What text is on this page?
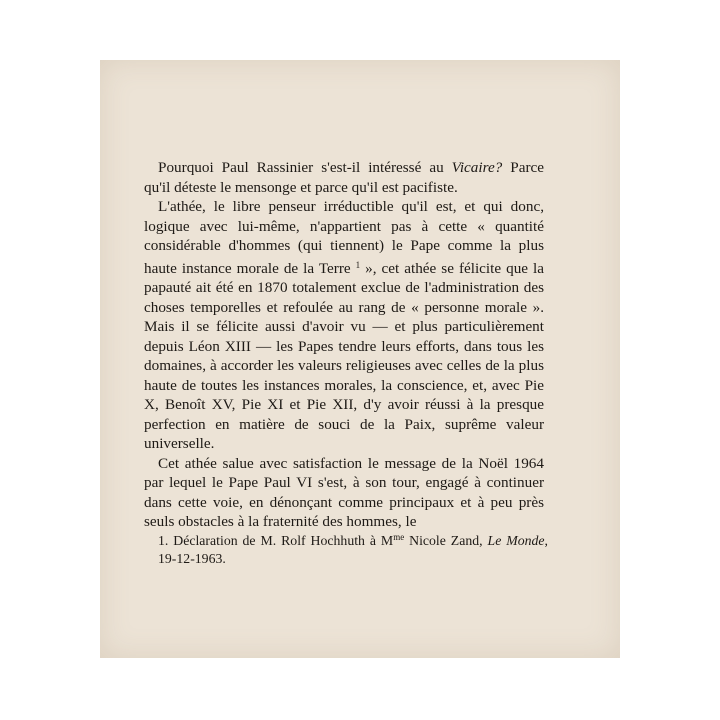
Pourquoi Paul Rassinier s'est-il intéressé au Vicaire? Parce qu'il déteste le mensonge et parce qu'il est pacifiste.

L'athée, le libre penseur irréductible qu'il est, et qui donc, logique avec lui-même, n'appartient pas à cette « quantité considérable d'hommes (qui tiennent) le Pape comme la plus haute instance morale de la Terre $^1$ », cet athée se félicite que la papauté ait été en 1870 totalement exclue de l'administration des choses temporelles et refoulée au rang de « personne morale ». Mais il se félicite aussi d'avoir vu — et plus particulièrement depuis Léon XIII — les Papes tendre leurs efforts, dans tous les domaines, à accorder les valeurs religieuses avec celles de la plus haute de toutes les instances morales, la conscience, et, avec Pie X, Benoît XV, Pie XI et Pie XII, d'y avoir réussi à la presque perfection en matière de souci de la Paix, suprême valeur universelle.

Cet athée salue avec satisfaction le message de la Noël 1964 par lequel le Pape Paul VI s'est, à son tour, engagé à continuer dans cette voie, en dénonçant comme principaux et à peu près seuls obstacles à la fraternité des hommes, le

1. Déclaration de M. Rolf Hochhuth à $M^{me}$ Nicole Zand, Le Monde, 19-12-1963.
